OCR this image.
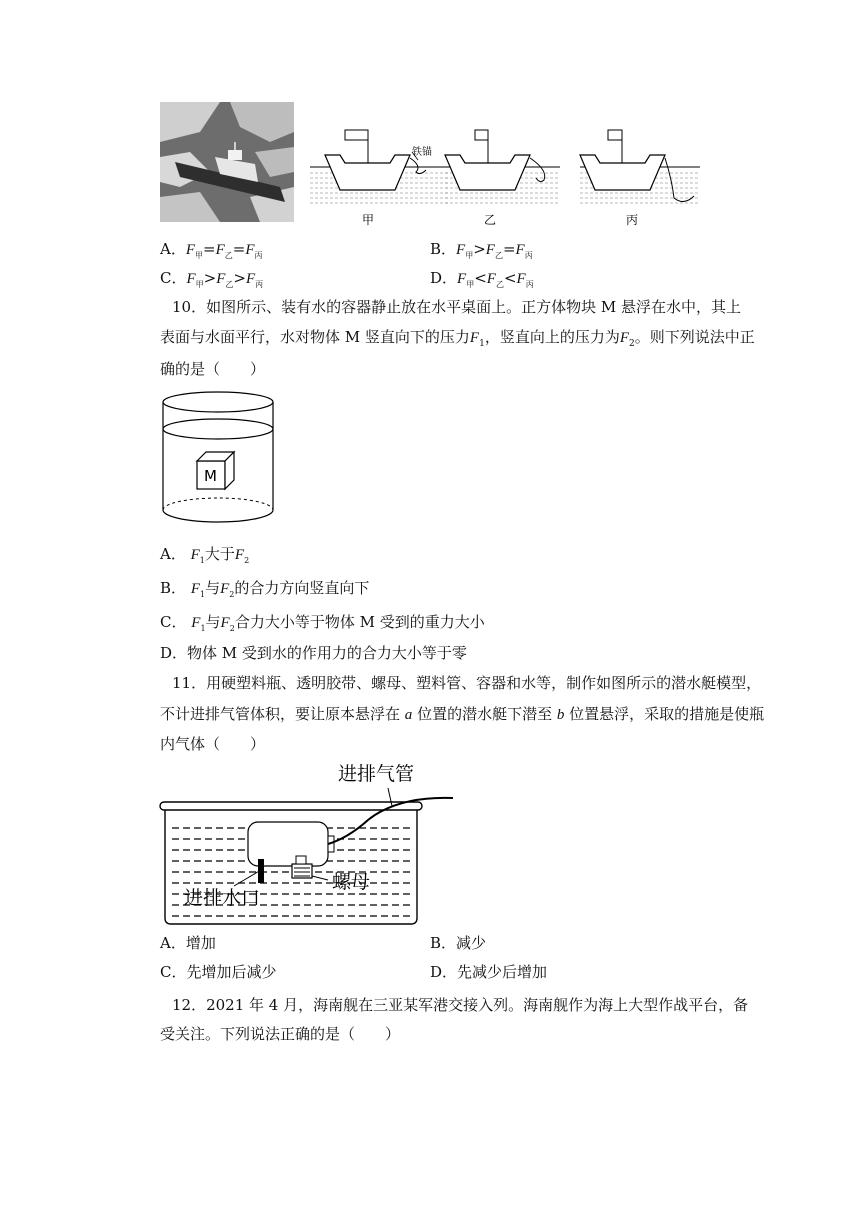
铁锚
甲	乙	丙
A．$F_甲=F_乙=F_丙$	B．$F_甲>F_乙=F_丙$
C．$F_甲>F_乙>F_丙$	D．$F_甲<F_乙<F_丙$
10．如图所示、装有水的容器静止放在水平桌面上。正方体物块 M 悬浮在水中，其上
表面与水面平行，水对物体 M 竖直向下的压力$F_1$，竖直向上的压力为$F_2$。则下列说法中正
确的是（　　）
M
A． $F_1$大于$F_2$
B． $F_1$与$F_2$的合力方向竖直向下
C． $F_1$与$F_2$合力大小等于物体 M 受到的重力大小
D．物体 M 受到水的作用力的合力大小等于零
11．用硬塑料瓶、透明胶带、螺母、塑料管、容器和水等，制作如图所示的潜水艇模型，
不计进排气管体积，要让原本悬浮在 a 位置的潜水艇下潜至 b 位置悬浮，采取的措施是使瓶
内气体（　　）
进排气管
进排水口
螺母
A．增加	B．减少
C．先增加后减少	D．先减少后增加
12．2021 年 4 月，海南舰在三亚某军港交接入列。海南舰作为海上大型作战平台，备
受关注。下列说法正确的是（　　）
